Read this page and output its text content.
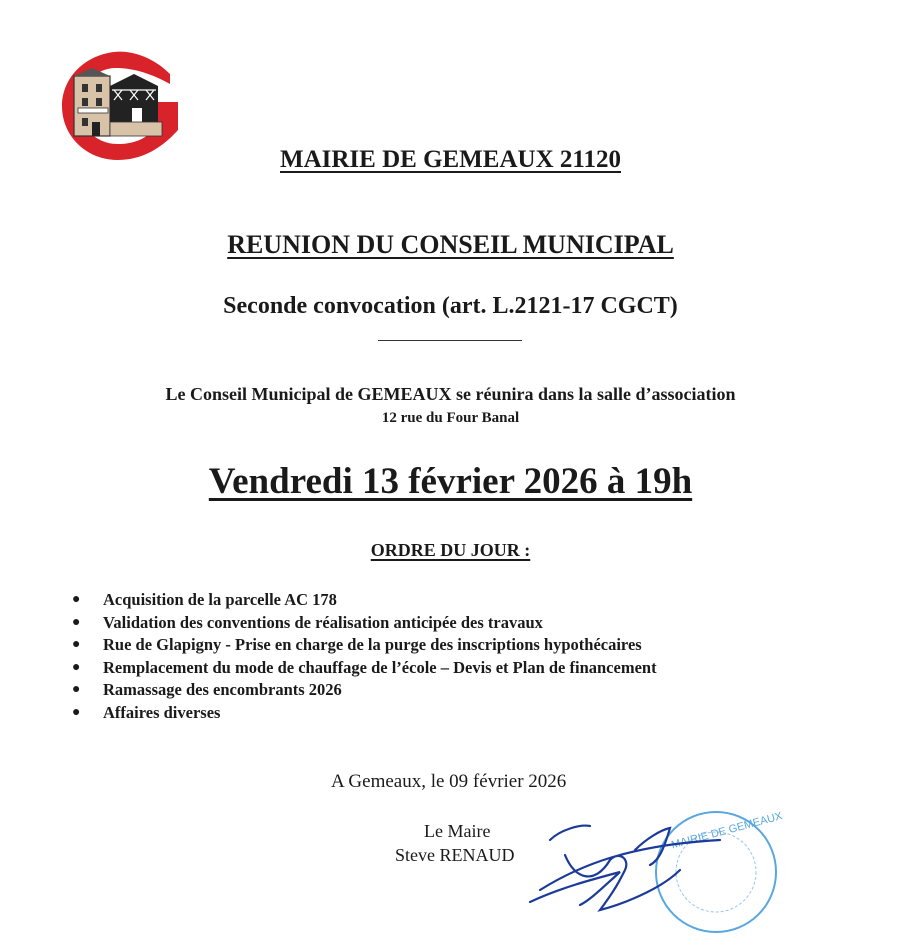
MAIRIE DE GEMEAUX 21120
REUNION DU CONSEIL MUNICIPAL
Seconde convocation (art. L.2121-17 CGCT)
Le Conseil Municipal de GEMEAUX se réunira dans la salle d’association
12 rue du Four Banal
Vendredi 13 février 2026 à 19h
ORDRE DU JOUR :
●	Acquisition de la parcelle AC 178
●	Validation des conventions de réalisation anticipée des travaux
●	Rue de Glapigny - Prise en charge de la purge des inscriptions hypothécaires
●	Remplacement du mode de chauffage de l’école – Devis et Plan de financement
●	Ramassage des encombrants 2026
●	Affaires diverses
A Gemeaux, le 09 février 2026
Le Maire
Steve RENAUD
MAIRIE DE GEMEAUX
